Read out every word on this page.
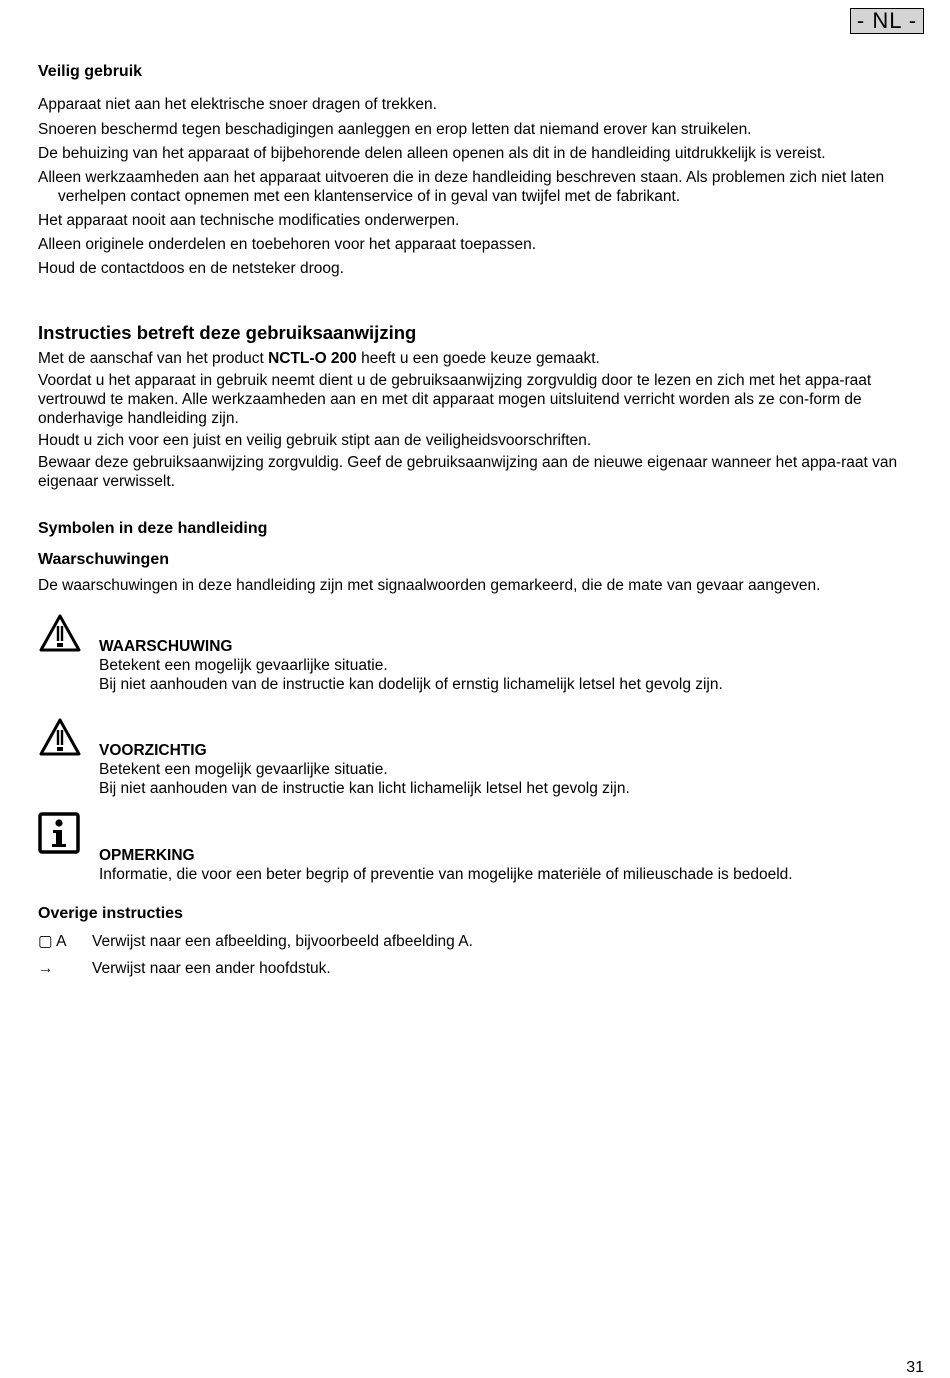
- NL -
Veilig gebruik

Apparaat niet aan het elektrische snoer dragen of trekken.

Snoeren beschermd tegen beschadigingen aanleggen en erop letten dat niemand erover kan struikelen.

De behuizing van het apparaat of bijbehorende delen alleen openen als dit in de handleiding uitdrukkelijk is vereist.

Alleen werkzaamheden aan het apparaat uitvoeren die in deze handleiding beschreven staan. Als problemen zich niet laten verhelpen contact opnemen met een klantenservice of in geval van twijfel met de fabrikant.

Het apparaat nooit aan technische modificaties onderwerpen.

Alleen originele onderdelen en toebehoren voor het apparaat toepassen.

Houd de contactdoos en de netsteker droog.

Instructies betreft deze gebruiksaanwijzing

Met de aanschaf van het product NCTL-O 200 heeft u een goede keuze gemaakt.

Voordat u het apparaat in gebruik neemt dient u de gebruiksaanwijzing zorgvuldig door te lezen en zich met het appa-raat vertrouwd te maken. Alle werkzaamheden aan en met dit apparaat mogen uitsluitend verricht worden als ze con-form de onderhavige handleiding zijn.

Houdt u zich voor een juist en veilig gebruik stipt aan de veiligheidsvoorschriften.

Bewaar deze gebruiksaanwijzing zorgvuldig. Geef de gebruiksaanwijzing aan de nieuwe eigenaar wanneer het appa-raat van eigenaar verwisselt.

Symbolen in deze handleiding
Waarschuwingen

De waarschuwingen in deze handleiding zijn met signaalwoorden gemarkeerd, die de mate van gevaar aangeven.

WAARSCHUWING
Betekent een mogelijk gevaarlijke situatie.
Bij niet aanhouden van de instructie kan dodelijk of ernstig lichamelijk letsel het gevolg zijn.
VOORZICHTIG
Betekent een mogelijk gevaarlijke situatie.
Bij niet aanhouden van de instructie kan licht lichamelijk letsel het gevolg zijn.
OPMERKING
Informatie, die voor een beter begrip of preventie van mogelijke materiële of milieuschade is bedoeld.
Overige instructies
▢ A	Verwijst naar een afbeelding, bijvoorbeeld afbeelding A.
→	Verwijst naar een ander hoofdstuk.
31
